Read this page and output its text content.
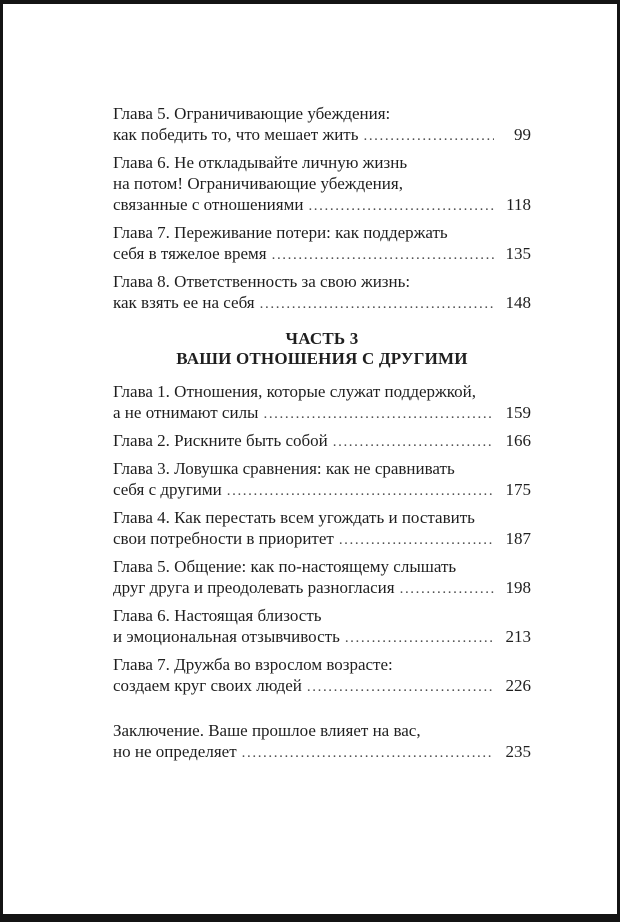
Глава 5. Ограничивающие убеждения:
как победить то, что мешает жить .....	99
Глава 6. Не откладывайте личную жизнь
на потом! Ограничивающие убеждения,
связанные с отношениями .....	118
Глава 7. Переживание потери: как поддержать
себя в тяжелое время .....	135
Глава 8. Ответственность за свою жизнь:
как взять ее на себя .....	148
ЧАСТЬ 3
ВАШИ ОТНОШЕНИЯ С ДРУГИМИ
Глава 1. Отношения, которые служат поддержкой,
а не отнимают силы .....	159
Глава 2. Рискните быть собой .....	166
Глава 3. Ловушка сравнения: как не сравнивать
себя с другими .....	175
Глава 4. Как перестать всем угождать и поставить
свои потребности в приоритет .....	187
Глава 5. Общение: как по-настоящему слышать
друг друга и преодолевать разногласия .....	198
Глава 6. Настоящая близость
и эмоциональная отзывчивость .....	213
Глава 7. Дружба во взрослом возрасте:
создаем круг своих людей .....	226
Заключение. Ваше прошлое влияет на вас,
но не определяет .....	235
